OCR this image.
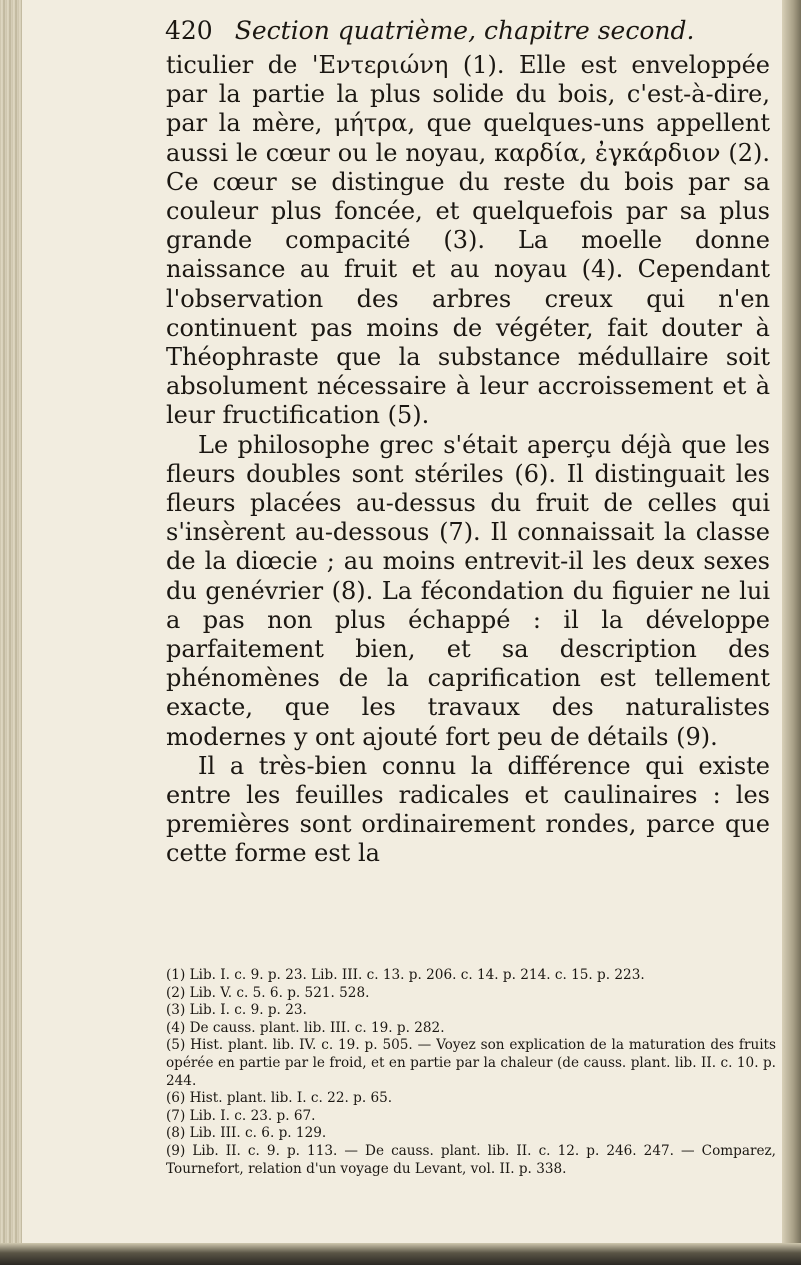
420 Section quatrième, chapitre second.

ticulier de 'Εντεριώνη (1). Elle est enveloppée par la partie la plus solide du bois, c'est-à-dire, par la mère, μήτρα, que quelques-uns appellent aussi le cœur ou le noyau, καρδία, ἐγκάρδιον (2). Ce cœur se distingue du reste du bois par sa couleur plus foncée, et quelquefois par sa plus grande compacité (3). La moelle donne naissance au fruit et au noyau (4). Cependant l'observation des arbres creux qui n'en continuent pas moins de végéter, fait douter à Théophraste que la substance médullaire soit absolument nécessaire à leur accroissement et à leur fructification (5).

Le philosophe grec s'était aperçu déjà que les fleurs doubles sont stériles (6). Il distinguait les fleurs placées au-dessus du fruit de celles qui s'insèrent au-dessous (7). Il connaissait la classe de la diœcie ; au moins entrevit-il les deux sexes du genévrier (8). La fécondation du figuier ne lui a pas non plus échappé : il la développe parfaitement bien, et sa description des phénomènes de la caprification est tellement exacte, que les travaux des naturalistes modernes y ont ajouté fort peu de détails (9).

Il a très-bien connu la différence qui existe entre les feuilles radicales et caulinaires : les premières sont ordinairement rondes, parce que cette forme est la

(1) Lib. I. c. 9. p. 23. Lib. III. c. 13. p. 206. c. 14. p. 214. c. 15. p. 223.

(2) Lib. V. c. 5. 6. p. 521. 528.

(3) Lib. I. c. 9. p. 23.

(4) De causs. plant. lib. III. c. 19. p. 282.

(5) Hist. plant. lib. IV. c. 19. p. 505. — Voyez son explication de la maturation des fruits opérée en partie par le froid, et en partie par la chaleur (de causs. plant. lib. II. c. 10. p. 244.

(6) Hist. plant. lib. I. c. 22. p. 65.

(7) Lib. I. c. 23. p. 67.

(8) Lib. III. c. 6. p. 129.

(9) Lib. II. c. 9. p. 113. — De causs. plant. lib. II. c. 12. p. 246. 247. — Comparez, Tournefort, relation d'un voyage du Levant, vol. II. p. 338.
